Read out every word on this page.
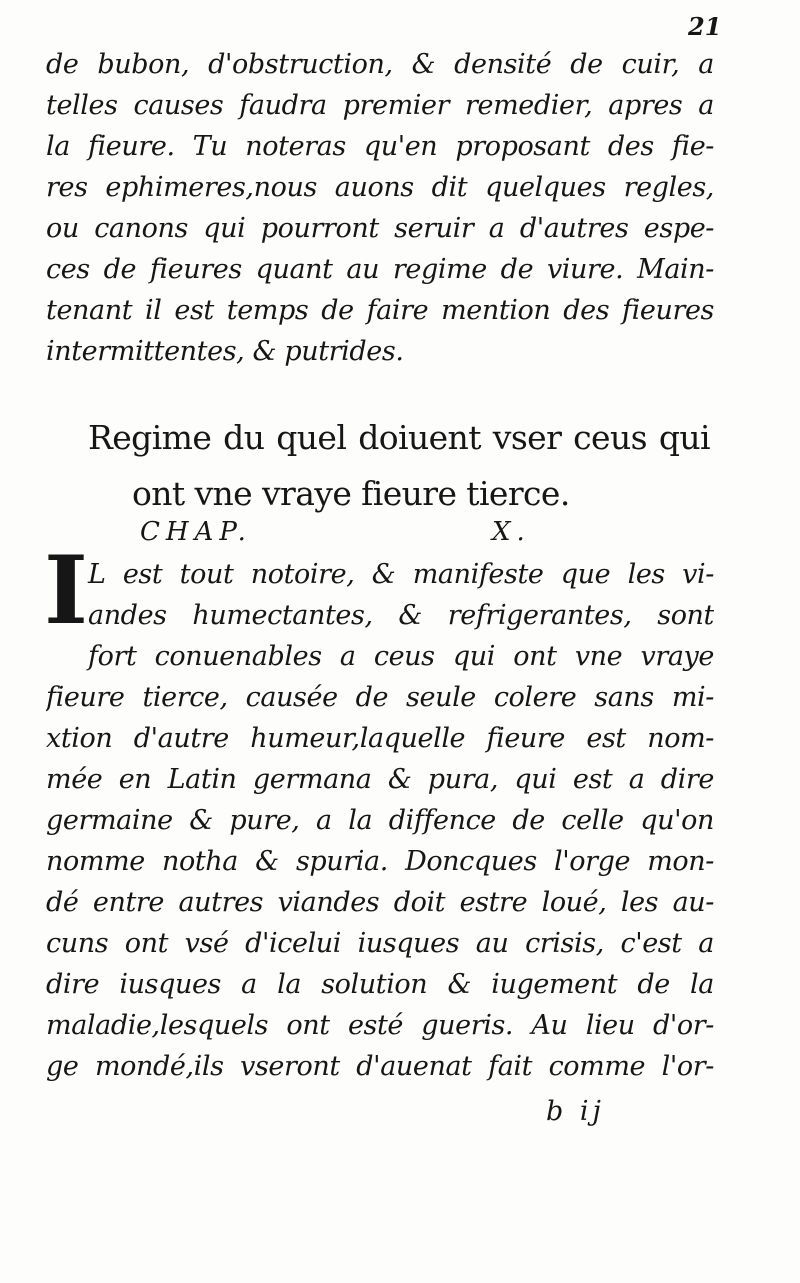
21
de bubon, d'obstruction, & densité de cuir, a
telles causes faudra premier remedier, apres a
la fieure. Tu noteras qu'en proposant des fie-
res ephimeres,nous auons dit quelques regles,
ou canons qui pourront seruir a d'autres espe-
ces de fieures quant au regime de viure. Main-
tenant il est temps de faire mention des fieures
intermittentes, & putrides.
Regime du quel doiuent vser ceus qui
ont vne vraye fieure tierce.
CHAP.	X.
I L est tout notoire, & manifeste que les vi-
andes humectantes, & refrigerantes, sont
fort conuenables a ceus qui ont vne vraye
fieure tierce, causée de seule colere sans mi-
xtion d'autre humeur,laquelle fieure est nom-
mée en Latin germana & pura, qui est a dire
germaine & pure, a la diffence de celle qu'on
nomme notha & spuria. Doncques l'orge mon-
dé entre autres viandes doit estre loué, les au-
cuns ont vsé d'icelui iusques au crisis, c'est a
dire iusques a la solution & iugement de la
maladie,lesquels ont esté gueris. Au lieu d'or-
ge mondé,ils vseront d'auenat fait comme l'or-
b ij
